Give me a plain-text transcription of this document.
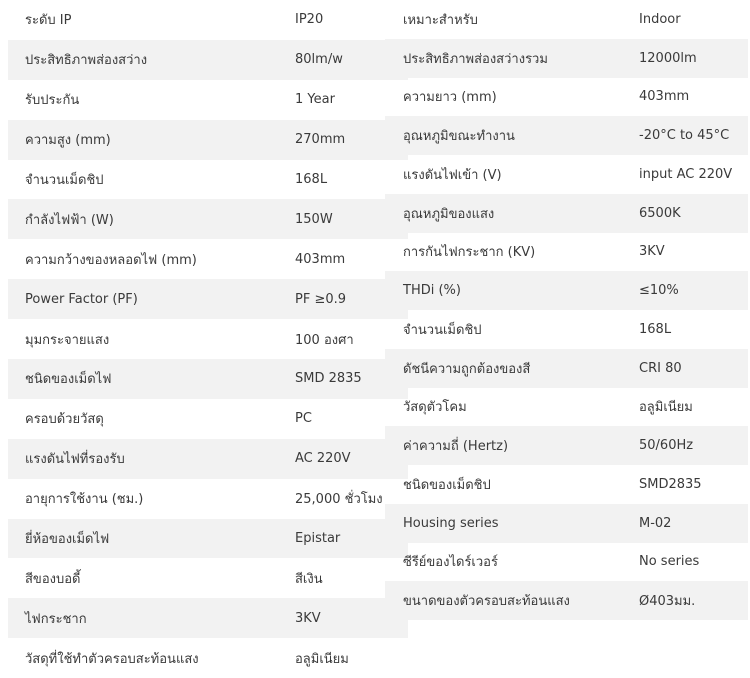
ระดับ IP	IP20
ประสิทธิภาพส่องสว่าง	80lm/w
รับประกัน	1 Year
ความสูง (mm)	270mm
จำนวนเม็ดชิป	168L
กำลังไฟฟ้า (W)	150W
ความกว้างของหลอดไฟ (mm)	403mm
Power Factor (PF)	PF ≥0.9
มุมกระจายแสง	100 องศา
ชนิดของเม็ดไฟ	SMD 2835
ครอบด้วยวัสดุ	PC
แรงดันไฟที่รองรับ	AC 220V
อายุการใช้งาน (ชม.)	25,000 ชั่วโมง
ยี่ห้อของเม็ดไฟ	Epistar
สีของบอดี้	สีเงิน
ไฟกระชาก	3KV
วัสดุที่ใช้ทำตัวครอบสะท้อนแสง	อลูมิเนียม
เหมาะสำหรับ	Indoor
ประสิทธิภาพส่องสว่างรวม	12000lm
ความยาว (mm)	403mm
อุณหภูมิขณะทำงาน	-20°C to 45°C
แรงดันไฟเข้า (V)	input AC 220V
อุณหภูมิของแสง	6500K
การกันไฟกระชาก (KV)	3KV
THDi (%)	≤10%
จำนวนเม็ดชิป	168L
ดัชนีความถูกต้องของสี	CRI 80
วัสดุตัวโคม	อลูมิเนียม
ค่าความถี่ (Hertz)	50/60Hz
ชนิดของเม็ดชิป	SMD2835
Housing series	M-02
ซีรีย์ของไดร์เวอร์	No series
ขนาดของตัวครอบสะท้อนแสง	Ø403มม.
